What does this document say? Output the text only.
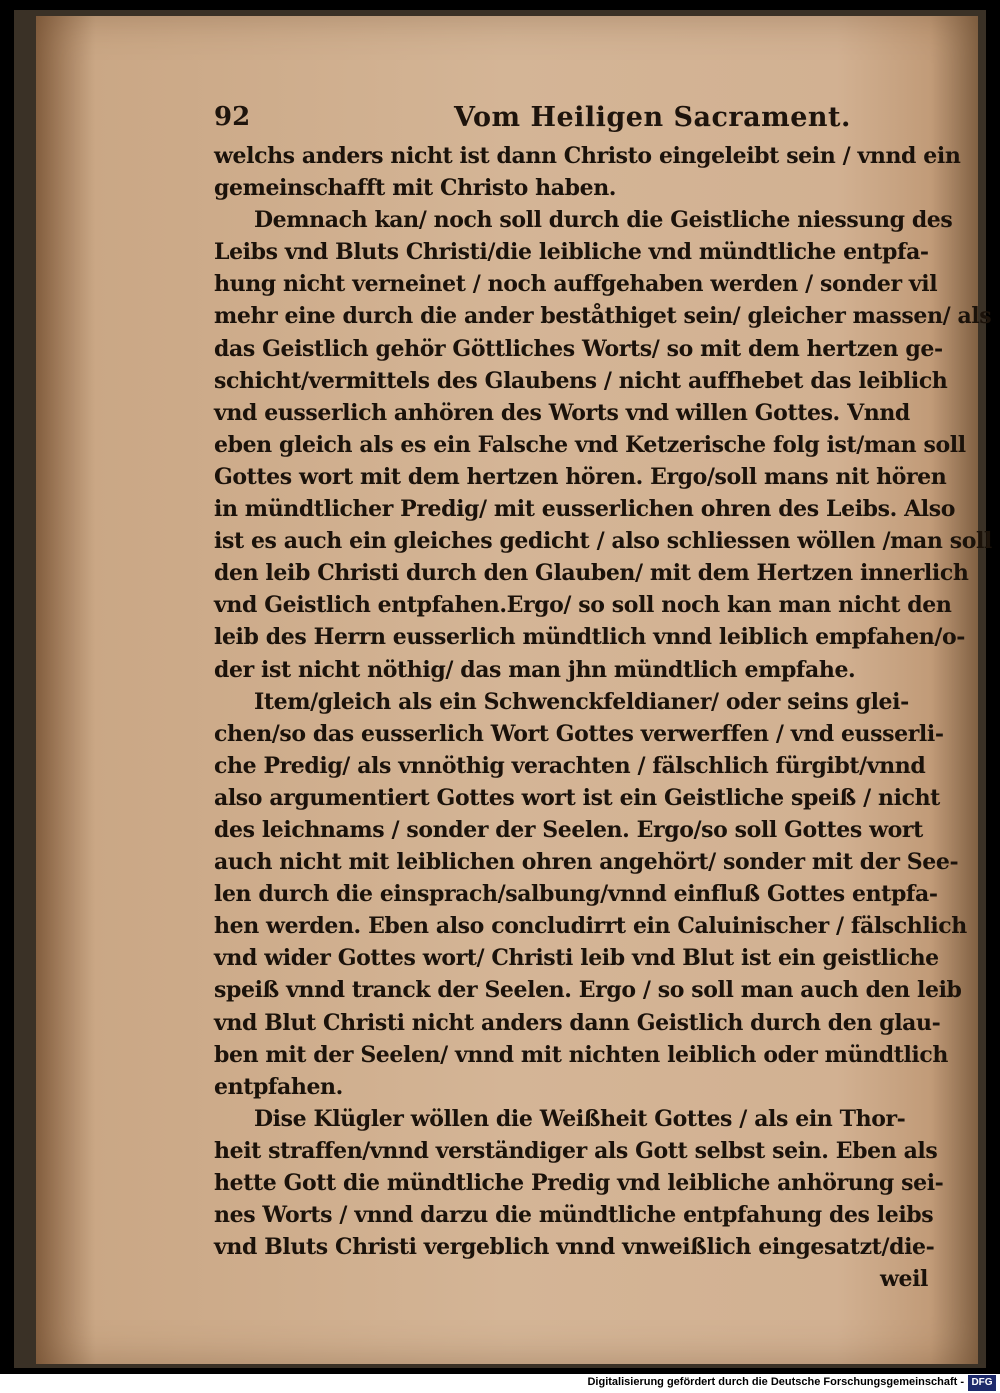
92	Vom Heiligen Sacrament.
welchs anders nicht ist dann Christo eingeleibt sein / vnnd ein
gemeinschafft mit Christo haben.
Demnach kan/ noch soll durch die Geistliche niessung des
Leibs vnd Bluts Christi/die leibliche vnd mündtliche entpfa-
hung nicht verneinet / noch auffgehaben werden / sonder vil
mehr eine durch die ander beståthiget sein/ gleicher massen/ als
das Geistlich gehör Göttliches Worts/ so mit dem hertzen ge-
schicht/vermittels des Glaubens / nicht auffhebet das leiblich
vnd eusserlich anhören des Worts vnd willen Gottes. Vnnd
eben gleich als es ein Falsche vnd Ketzerische folg ist/man soll
Gottes wort mit dem hertzen hören. Ergo/soll mans nit hören
in mündtlicher Predig/ mit eusserlichen ohren des Leibs. Also
ist es auch ein gleiches gedicht / also schliessen wöllen /man soll
den leib Christi durch den Glauben/ mit dem Hertzen innerlich
vnd Geistlich entpfahen.Ergo/ so soll noch kan man nicht den
leib des Herrn eusserlich mündtlich vnnd leiblich empfahen/o-
der ist nicht nöthig/ das man jhn mündtlich empfahe.
Item/gleich als ein Schwenckfeldianer/ oder seins glei-
chen/so das eusserlich Wort Gottes verwerffen / vnd eusserli-
che Predig/ als vnnöthig verachten / fälschlich fürgibt/vnnd
also argumentiert Gottes wort ist ein Geistliche speiß / nicht
des leichnams / sonder der Seelen. Ergo/so soll Gottes wort
auch nicht mit leiblichen ohren angehört/ sonder mit der See-
len durch die einsprach/salbung/vnnd einfluß Gottes entpfa-
hen werden. Eben also concludirrt ein Caluinischer / fälschlich
vnd wider Gottes wort/ Christi leib vnd Blut ist ein geistliche
speiß vnnd tranck der Seelen. Ergo / so soll man auch den leib
vnd Blut Christi nicht anders dann Geistlich durch den glau-
ben mit der Seelen/ vnnd mit nichten leiblich oder mündtlich
entpfahen.
Dise Klügler wöllen die Weißheit Gottes / als ein Thor-
heit straffen/vnnd verständiger als Gott selbst sein. Eben als
hette Gott die mündtliche Predig vnd leibliche anhörung sei-
nes Worts / vnnd darzu die mündtliche entpfahung des leibs
vnd Bluts Christi vergeblich vnnd vnweißlich eingesatzt/die-
weil
Digitalisierung gefördert durch die Deutsche Forschungsgemeinschaft - DFG
